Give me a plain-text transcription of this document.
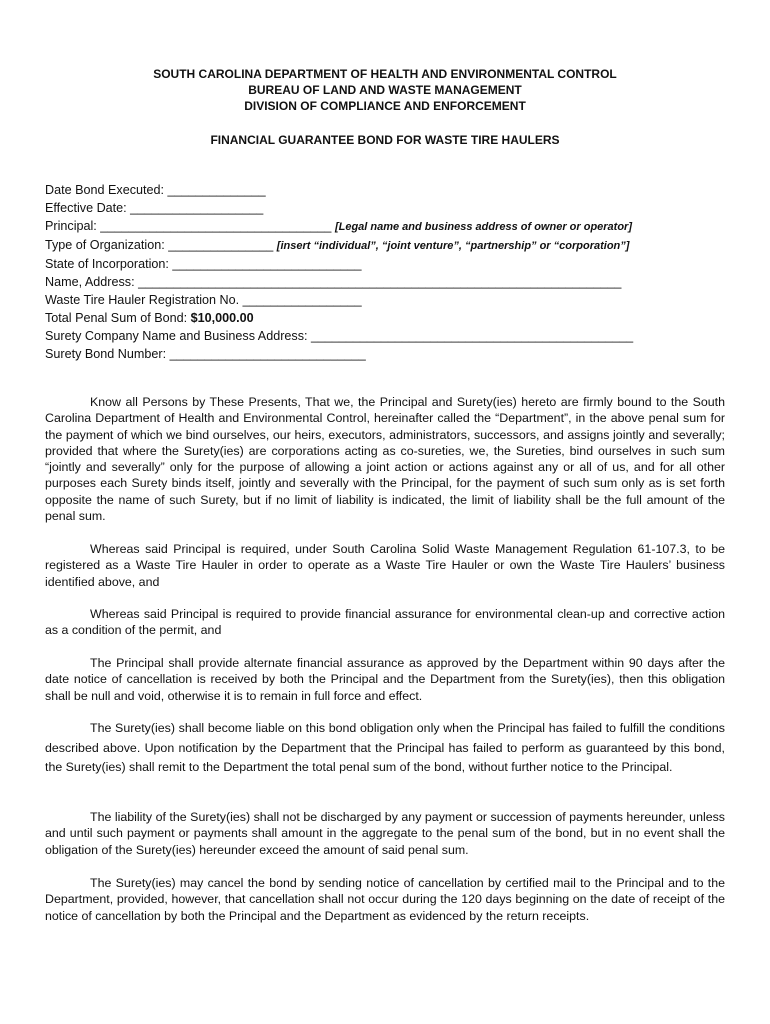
SOUTH CAROLINA DEPARTMENT OF HEALTH AND ENVIRONMENTAL CONTROL
BUREAU OF LAND AND WASTE MANAGEMENT
DIVISION OF COMPLIANCE AND ENFORCEMENT
FINANCIAL GUARANTEE BOND FOR WASTE TIRE HAULERS
Date Bond Executed: ______________
Effective Date: ___________________
Principal: _________________________________ [Legal name and business address of owner or operator]
Type of Organization: _______________ [insert “individual”, “joint venture”, “partnership” or “corporation”]
State of Incorporation: ___________________________
Name, Address: _____________________________________________________________________
Waste Tire Hauler Registration No. _________________
Total Penal Sum of Bond: $10,000.00
Surety Company Name and Business Address: ______________________________________________
Surety Bond Number: ____________________________

Know all Persons by These Presents, That we, the Principal and Surety(ies) hereto are firmly bound to the South Carolina Department of Health and Environmental Control, hereinafter called the “Department”, in the above penal sum for the payment of which we bind ourselves, our heirs, executors, administrators, successors, and assigns jointly and severally; provided that where the Surety(ies) are corporations acting as co-sureties, we, the Sureties, bind ourselves in such sum “jointly and severally” only for the purpose of allowing a joint action or actions against any or all of us, and for all other purposes each Surety binds itself, jointly and severally with the Principal, for the payment of such sum only as is set forth opposite the name of such Surety, but if no limit of liability is indicated, the limit of liability shall be the full amount of the penal sum.

Whereas said Principal is required, under South Carolina Solid Waste Management Regulation 61-107.3, to be registered as a Waste Tire Hauler in order to operate as a Waste Tire Hauler or own the Waste Tire Haulers’ business identified above, and

Whereas said Principal is required to provide financial assurance for environmental clean-up and corrective action as a condition of the permit, and

The Principal shall provide alternate financial assurance as approved by the Department within 90 days after the date notice of cancellation is received by both the Principal and the Department from the Surety(ies), then this obligation shall be null and void, otherwise it is to remain in full force and effect.

The Surety(ies) shall become liable on this bond obligation only when the Principal has failed to fulfill the conditions described above. Upon notification by the Department that the Principal has failed to perform as guaranteed by this bond, the Surety(ies) shall remit to the Department the total penal sum of the bond, without further notice to the Principal.

The liability of the Surety(ies) shall not be discharged by any payment or succession of payments hereunder, unless and until such payment or payments shall amount in the aggregate to the penal sum of the bond, but in no event shall the obligation of the Surety(ies) hereunder exceed the amount of said penal sum.

The Surety(ies) may cancel the bond by sending notice of cancellation by certified mail to the Principal and to the Department, provided, however, that cancellation shall not occur during the 120 days beginning on the date of receipt of the notice of cancellation by both the Principal and the Department as evidenced by the return receipts.
